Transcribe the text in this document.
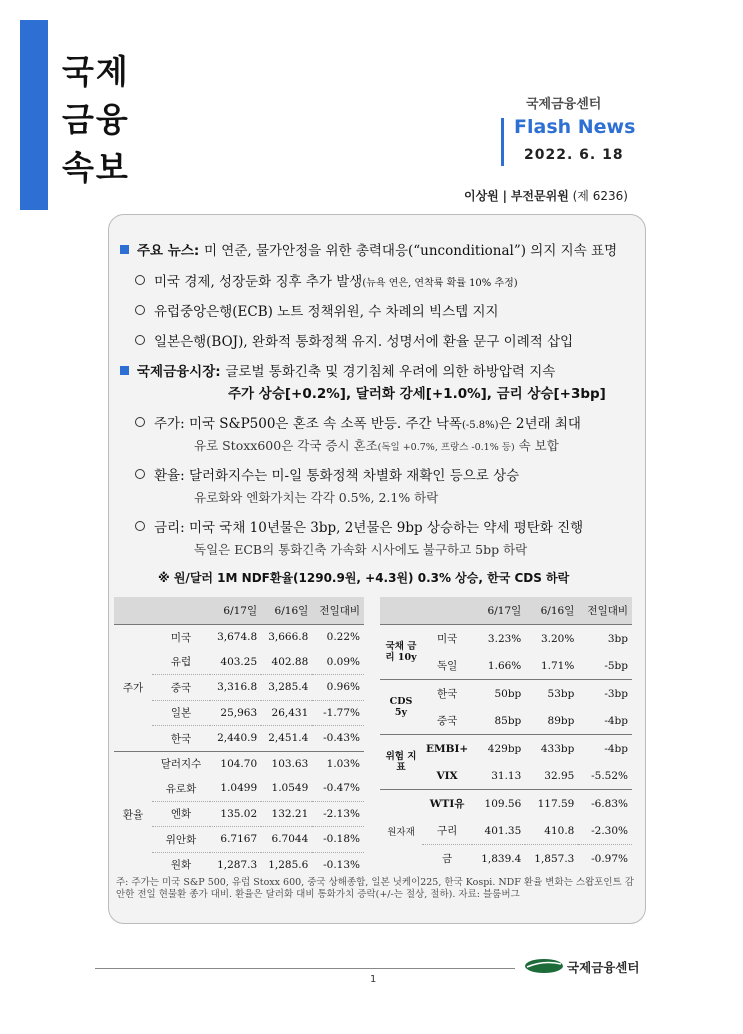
국제
금융
속보
국제금융센터
Flash News
2022. 6. 18
이상원 | 부전문위원 (제 6236)
주요 뉴스: 미 연준, 물가안정을 위한 총력대응(“unconditional”) 의지 지속 표명
미국 경제, 성장둔화 징후 추가 발생(뉴욕 연은, 연착륙 확률 10% 추정)
유럽중앙은행(ECB) 노트 정책위원, 수 차례의 빅스텝 지지
일본은행(BOJ), 완화적 통화정책 유지. 성명서에 환율 문구 이례적 삽입
국제금융시장: 글로벌 통화긴축 및 경기침체 우려에 의한 하방압력 지속
주가 상승[+0.2%], 달러화 강세[+1.0%], 금리 상승[+3bp]
주가: 미국 S&P500은 혼조 속 소폭 반등. 주간 낙폭(-5.8%)은 2년래 최대
유로 Stoxx600은 각국 증시 혼조(독일 +0.7%, 프랑스 -0.1% 등) 속 보합
환율: 달러화지수는 미-일 통화정책 차별화 재확인 등으로 상승
유로화와 엔화가치는 각각 0.5%, 2.1% 하락
금리: 미국 국채 10년물은 3bp, 2년물은 9bp 상승하는 약세 평탄화 진행
독일은 ECB의 통화긴축 가속화 시사에도 불구하고 5bp 하락
※ 원/달러 1M NDF환율(1290.9원, +4.3원) 0.3% 상승, 한국 CDS 하락
		6/17일	6/16일	전일대비
주가	미국	3,674.8	3,666.8	0.22%
	유럽	403.25	402.88	0.09%
	중국	3,316.8	3,285.4	0.96%
	일본	25,963	26,431	-1.77%
	한국	2,440.9	2,451.4	-0.43%
환율	달러지수	104.70	103.63	1.03%
	유로화	1.0499	1.0549	-0.47%
	엔화	135.02	132.21	-2.13%
	위안화	6.7167	6.7044	-0.18%
	원화	1,287.3	1,285.6	-0.13%
		6/17일	6/16일	전일대비
국채 금리 10y	미국	3.23%	3.20%	3bp
	독일	1.66%	1.71%	-5bp
CDS 5y	한국	50bp	53bp	-3bp
	중국	85bp	89bp	-4bp
위험 지표	EMBI+	429bp	433bp	-4bp
	VIX	31.13	32.95	-5.52%
원자재	WTI유	109.56	117.59	-6.83%
	구리	401.35	410.8	-2.30%
	금	1,839.4	1,857.3	-0.97%
주: 주가는 미국 S&P 500, 유럽 Stoxx 600, 중국 상해종합, 일본 닛케이225, 한국 Kospi. NDF 환율 변화는 스왑포인트 감안한 전일 현물환 종가 대비. 환율은 달러화 대비 통화가치 증락(+/-는 절상, 절하). 자료: 블룸버그
1
국제금융센터
